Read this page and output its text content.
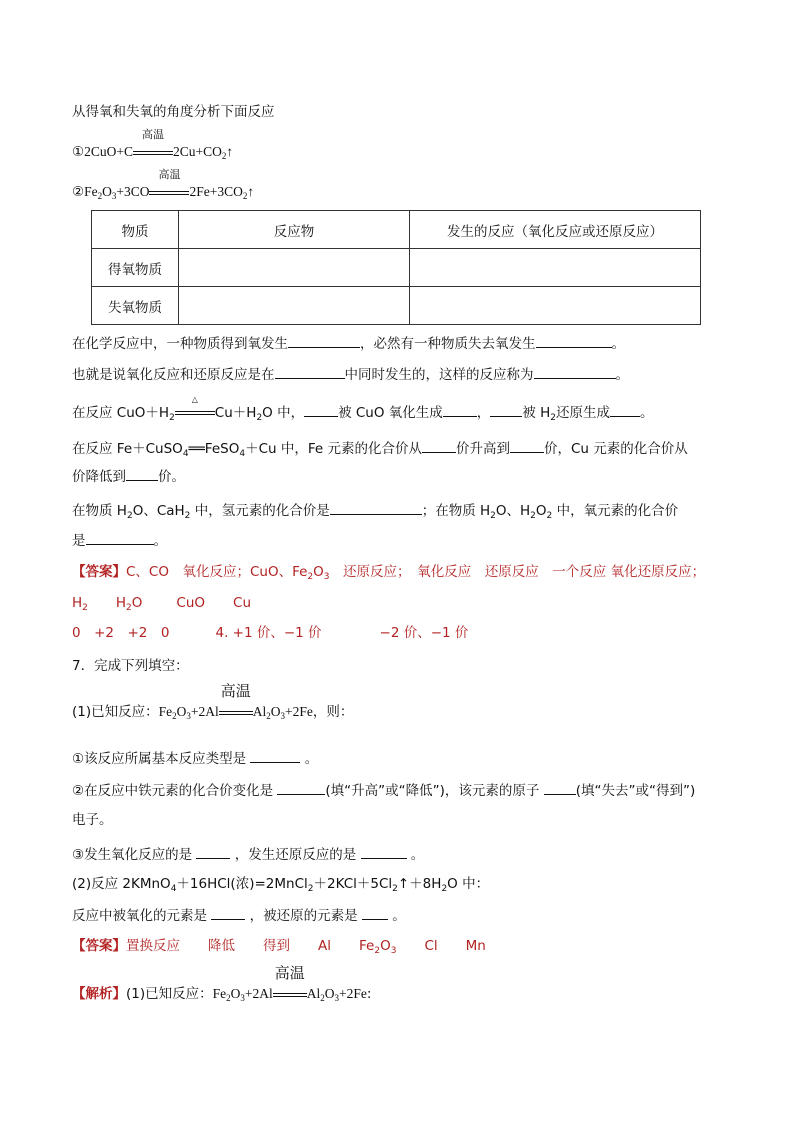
从得氧和失氧的角度分析下面反应
①2CuO+C
高温
$2Cu+CO_2↑$
$②Fe_2O_3+3CO$
高温
$2Fe+3CO_2↑$
物质	反应物	发生的反应（氧化反应或还原反应）
得氧物质		
失氧物质		
在化学反应中，一种物质得到氧发生	，必然有一种物质失去氧发生	。
也就是说氧化反应和还原反应是在	中同时发生的，这样的反应称为	。
在反应 $CuO+H_2$
△
$Cu+H_2O$ 中，	被 CuO 氧化生成	， 被 $H_2$还原生成 。
在反应 Fe＋CuSO$_4$══FeSO$_4$＋Cu 中，Fe 元素的化合价从	价升高到	价，Cu 元素的化合价从
价降低到 价。
在物质 $H_2O$、CaH$_2$ 中，氢元素的化合价是	；在物质 $H_2O$、$H_2O_2$ 中，氧元素的化合价
是	。
【答案】C、CO　氧化反应；CuO、$Fe_2O_3$　还原反应；　氧化反应　还原反应　一个反应 氧化还原反应；
$H_2$ $H_2O$	CuO Cu
0　+2　+2　0	4. +1 价、−1 价	−2 价、−1 价
7．完成下列填空：
(1)已知反应：$Fe_2O_3+2Al$
高温
$Al_2O_3+2Fe$，则：
①该反应所属基本反应类型是	。
②在反应中铁元素的化合价变化是	(填“升高”或“降低”)，该元素的原子	(填“失去”或“得到”)
电子。
③发生氧化反应的是	，发生还原反应的是	。
(2)反应 2KMnO$_4$＋16HCl(浓)$=2MnCl_2+2KCl+5Cl_2↑+8H_2O$ 中：
反应中被氧化的元素是	，被还原的元素是	。
【答案】置换反应 降低 得到 Al $Fe_2O_3$ Cl Mn
【解析】(1)已知反应：$Fe_2O_3+2Al$
高温
$Al_2O_3+2Fe$:
